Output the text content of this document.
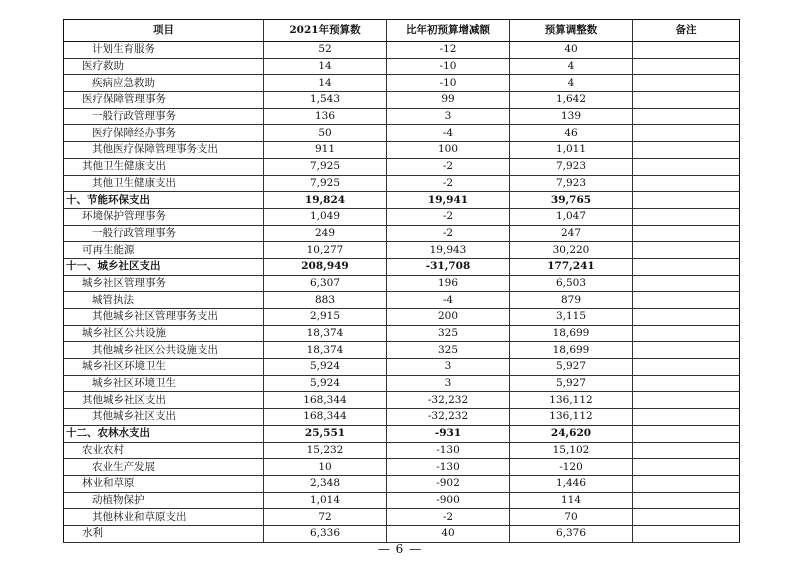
项目	2021年预算数	比年初预算增减额	预算调整数	备注
计划生育服务	52	-12	40	
医疗救助	14	-10	4	
疾病应急救助	14	-10	4	
医疗保障管理事务	1,543	99	1,642	
一般行政管理事务	136	3	139	
医疗保障经办事务	50	-4	46	
其他医疗保障管理事务支出	911	100	1,011	
其他卫生健康支出	7,925	-2	7,923	
其他卫生健康支出	7,925	-2	7,923	
十、节能环保支出	19,824	19,941	39,765	
环境保护管理事务	1,049	-2	1,047	
一般行政管理事务	249	-2	247	
可再生能源	10,277	19,943	30,220	
十一、城乡社区支出	208,949	-31,708	177,241	
城乡社区管理事务	6,307	196	6,503	
城管执法	883	-4	879	
其他城乡社区管理事务支出	2,915	200	3,115	
城乡社区公共设施	18,374	325	18,699	
其他城乡社区公共设施支出	18,374	325	18,699	
城乡社区环境卫生	5,924	3	5,927	
城乡社区环境卫生	5,924	3	5,927	
其他城乡社区支出	168,344	-32,232	136,112	
其他城乡社区支出	168,344	-32,232	136,112	
十二、农林水支出	25,551	-931	24,620	
农业农村	15,232	-130	15,102	
农业生产发展	10	-130	-120	
林业和草原	2,348	-902	1,446	
动植物保护	1,014	-900	114	
其他林业和草原支出	72	-2	70	
水利	6,336	40	6,376	
— 6 —
